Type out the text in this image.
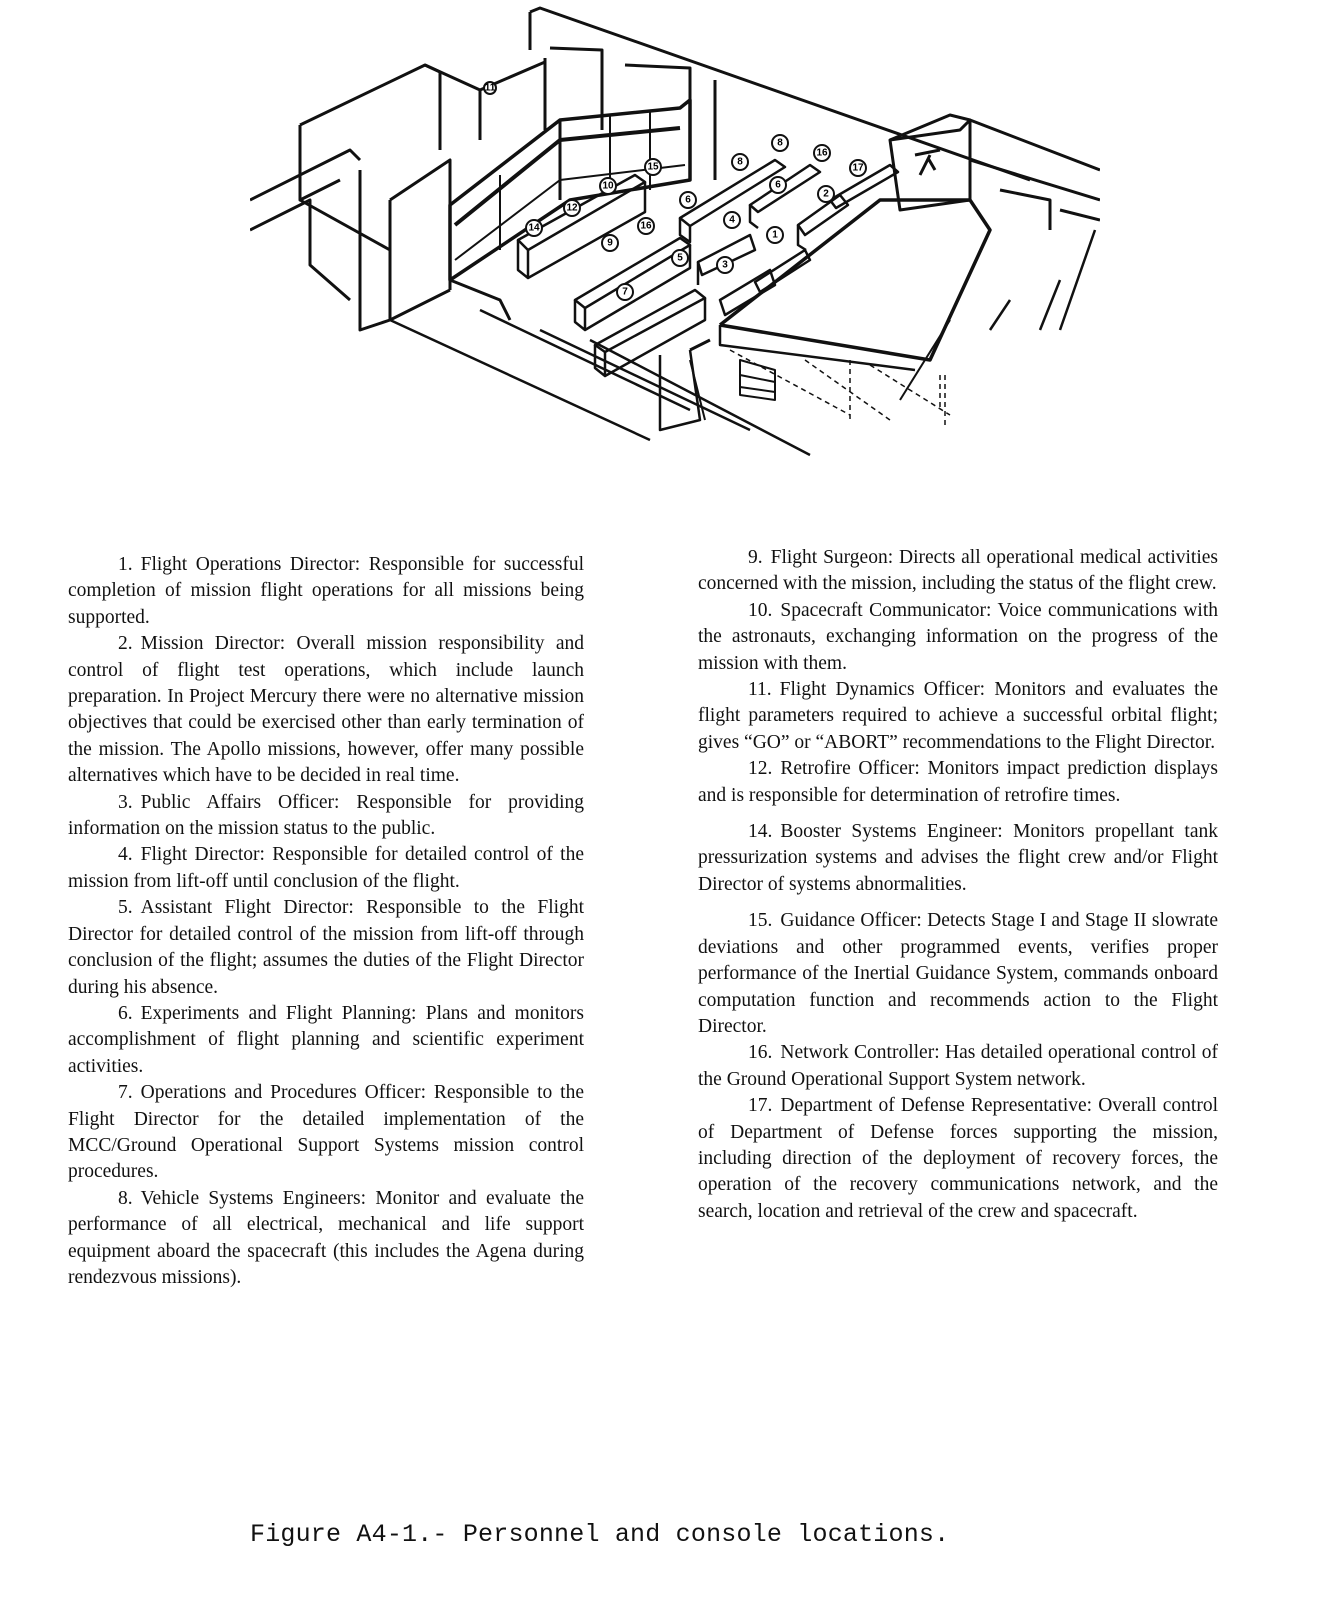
14
12
10
15
9
16
7
5
6
4
3
8
8
6
16
2
1
17
11

1. Flight Operations Director: Responsible for successful completion of mission flight operations for all missions being supported.

2. Mission Director: Overall mission responsibility and control of flight test operations, which include launch preparation. In Project Mercury there were no alternative mission objectives that could be exercised other than early termination of the mission. The Apollo missions, however, offer many possible alternatives which have to be decided in real time.

3. Public Affairs Officer: Responsible for providing information on the mission status to the public.

4. Flight Director: Responsible for detailed control of the mission from lift-off until conclusion of the flight.

5. Assistant Flight Director: Responsible to the Flight Director for detailed control of the mission from lift-off through conclusion of the flight; assumes the duties of the Flight Director during his absence.

6. Experiments and Flight Planning: Plans and monitors accomplishment of flight planning and scientific experiment activities.

7. Operations and Procedures Officer: Responsible to the Flight Director for the detailed implementation of the MCC/Ground Operational Support Systems mission control procedures.

8. Vehicle Systems Engineers: Monitor and evaluate the performance of all electrical, mechanical and life support equipment aboard the spacecraft (this includes the Agena during rendezvous missions).

9. Flight Surgeon: Directs all operational medical activities concerned with the mission, including the status of the flight crew.

10. Spacecraft Communicator: Voice communications with the astronauts, exchanging information on the progress of the mission with them.

11. Flight Dynamics Officer: Monitors and evaluates the flight parameters required to achieve a successful orbital flight; gives “GO” or “ABORT” recommendations to the Flight Director.

12. Retrofire Officer: Monitors impact prediction displays and is responsible for determination of retrofire times.

14. Booster Systems Engineer: Monitors propellant tank pressurization systems and advises the flight crew and/or Flight Director of systems abnormalities.

15. Guidance Officer: Detects Stage I and Stage II slowrate deviations and other programmed events, verifies proper performance of the Inertial Guidance System, commands onboard computation function and recommends action to the Flight Director.

16. Network Controller: Has detailed operational control of the Ground Operational Support System network.

17. Department of Defense Representative: Overall control of Department of Defense forces supporting the mission, including direction of the deployment of recovery forces, the operation of the recovery communications network, and the search, location and retrieval of the crew and spacecraft.

Figure A4-1.- Personnel and console locations.
